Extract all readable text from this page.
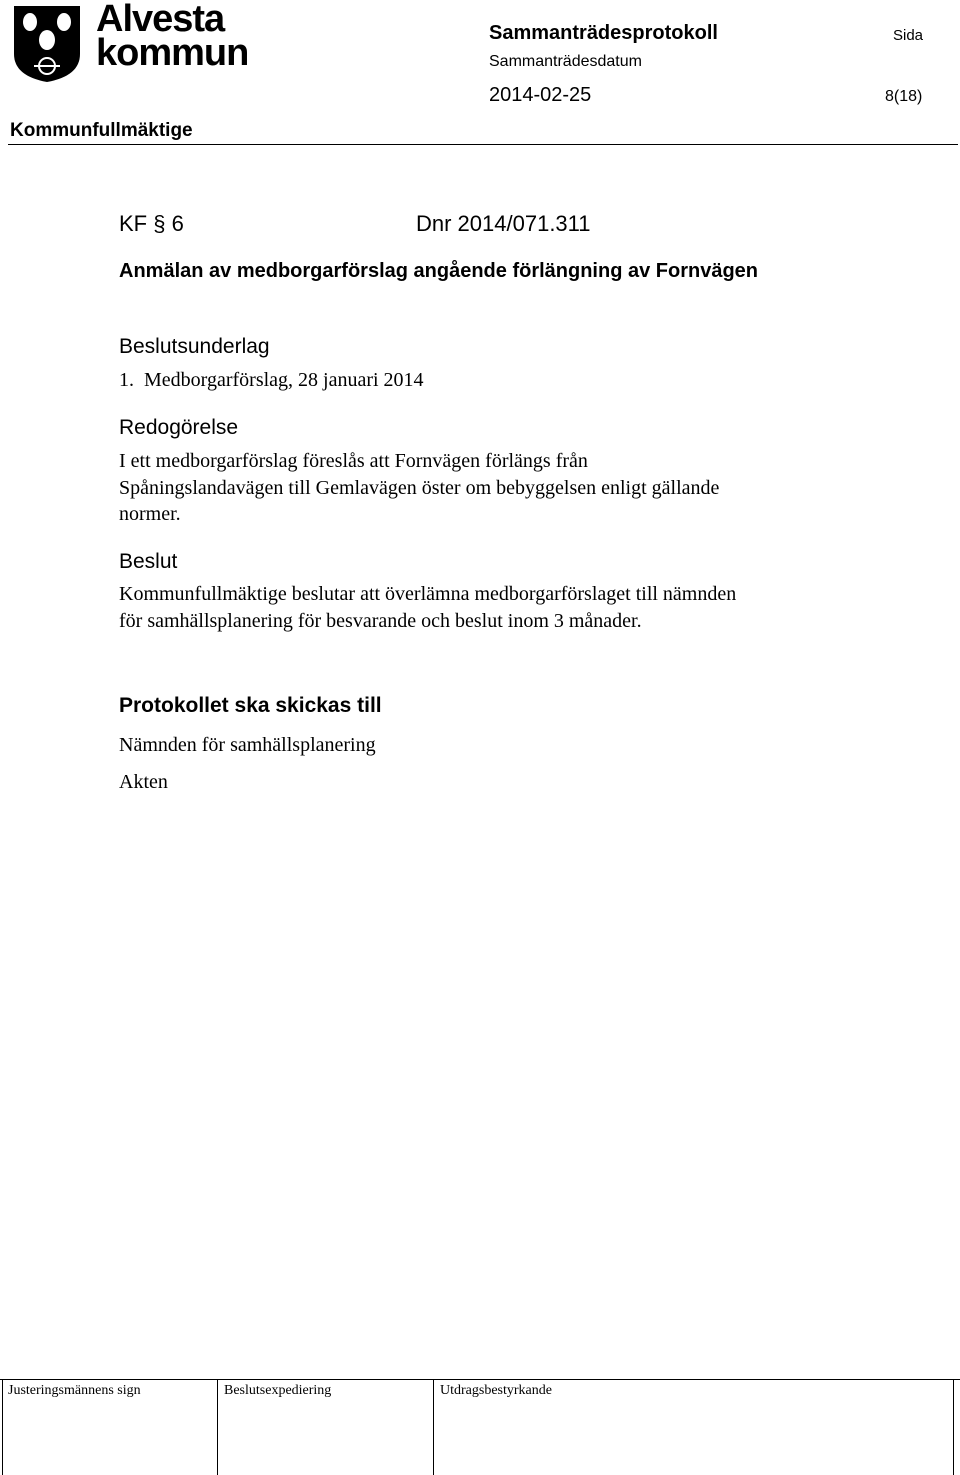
Alvesta
kommun	Sammanträdesprotokoll
Sammanträdesdatum
2014-02-25
Sida
8(18)
Kommunfullmäktige
KF § 6	Dnr 2014/071.311
Anmälan av medborgarförslag angående förlängning av Fornvägen
Beslutsunderlag
1.  Medborgarförslag, 28 januari 2014
Redogörelse
I ett medborgarförslag föreslås att Fornvägen förlängs från Spåningslandavägen till Gemlavägen öster om bebyggelsen enligt gällande normer.
Beslut
Kommunfullmäktige beslutar att överlämna medborgarförslaget till nämnden för samhällsplanering för besvarande och beslut inom 3 månader.
Protokollet ska skickas till
Nämnden för samhällsplanering
Akten
Justeringsmännens sign	Beslutsexpediering	Utdragsbestyrkande
